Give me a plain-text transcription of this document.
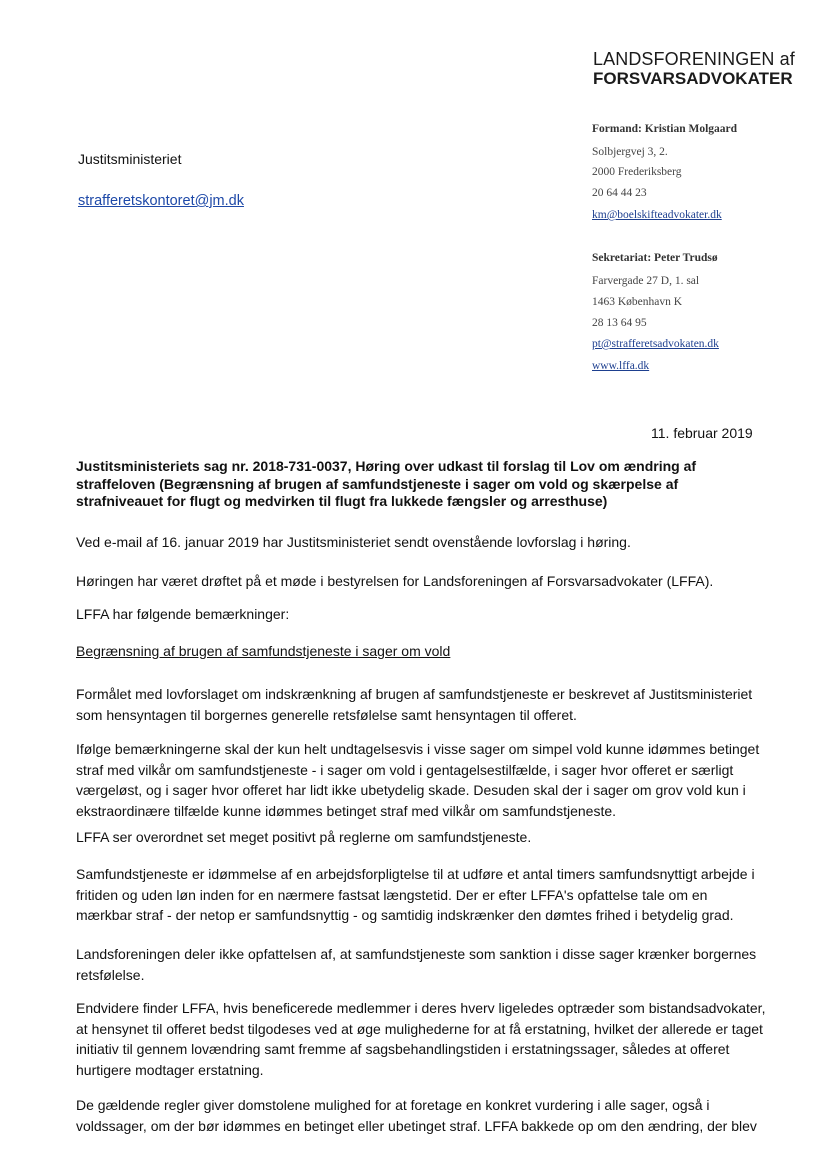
LANDSFORENINGEN af
FORSVARSADVOKATER
Formand: Kristian Molgaard
Solbjergvej 3, 2.
2000 Frederiksberg
20 64 44 23
km@boelskifteadvokater.dk
Sekretariat: Peter Trudsø
Farvergade 27 D, 1. sal
1463 København K
28 13 64 95
pt@strafferetsadvokaten.dk
www.lffa.dk
Justitsministeriet
strafferetskontoret@jm.dk
11. februar 2019

Justitsministeriets sag nr. 2018-731-0037, Høring over udkast til forslag til Lov om ændring af straffeloven (Begrænsning af brugen af samfundstjeneste i sager om vold og skærpelse af strafniveauet for flugt og medvirken til flugt fra lukkede fængsler og arresthuse)

Ved e-mail af 16. januar 2019 har Justitsministeriet sendt ovenstående lovforslag i høring.

Høringen har været drøftet på et møde i bestyrelsen for Landsforeningen af Forsvarsadvokater (LFFA).

LFFA har følgende bemærkninger:

Begrænsning af brugen af samfundstjeneste i sager om vold

Formålet med lovforslaget om indskrænkning af brugen af samfundstjeneste er beskrevet af Justitsministeriet som hensyntagen til borgernes generelle retsfølelse samt hensyntagen til offeret.

Ifølge bemærkningerne skal der kun helt undtagelsesvis i visse sager om simpel vold kunne idømmes betinget straf med vilkår om samfundstjeneste - i sager om vold i gentagelsestilfælde, i sager hvor offeret er særligt værgeløst, og i sager hvor offeret har lidt ikke ubetydelig skade. Desuden skal der i sager om grov vold kun i ekstraordinære tilfælde kunne idømmes betinget straf med vilkår om samfundstjeneste.

LFFA ser overordnet set meget positivt på reglerne om samfundstjeneste.

Samfundstjeneste er idømmelse af en arbejdsforpligtelse til at udføre et antal timers samfundsnyttigt arbejde i fritiden og uden løn inden for en nærmere fastsat længstetid. Der er efter LFFA's opfattelse tale om en mærkbar straf - der netop er samfundsnyttig - og samtidig indskrænker den dømtes frihed i betydelig grad.

Landsforeningen deler ikke opfattelsen af, at samfundstjeneste som sanktion i disse sager krænker borgernes retsfølelse.

Endvidere finder LFFA, hvis beneficerede medlemmer i deres hverv ligeledes optræder som bistandsadvokater, at hensynet til offeret bedst tilgodeses ved at øge mulighederne for at få erstatning, hvilket der allerede er taget initiativ til gennem lovændring samt fremme af sagsbehandlingstiden i erstatningssager, således at offeret hurtigere modtager erstatning.

De gældende regler giver domstolene mulighed for at foretage en konkret vurdering i alle sager, også i voldssager, om der bør idømmes en betinget eller ubetinget straf. LFFA bakkede op om den ændring, der blev
